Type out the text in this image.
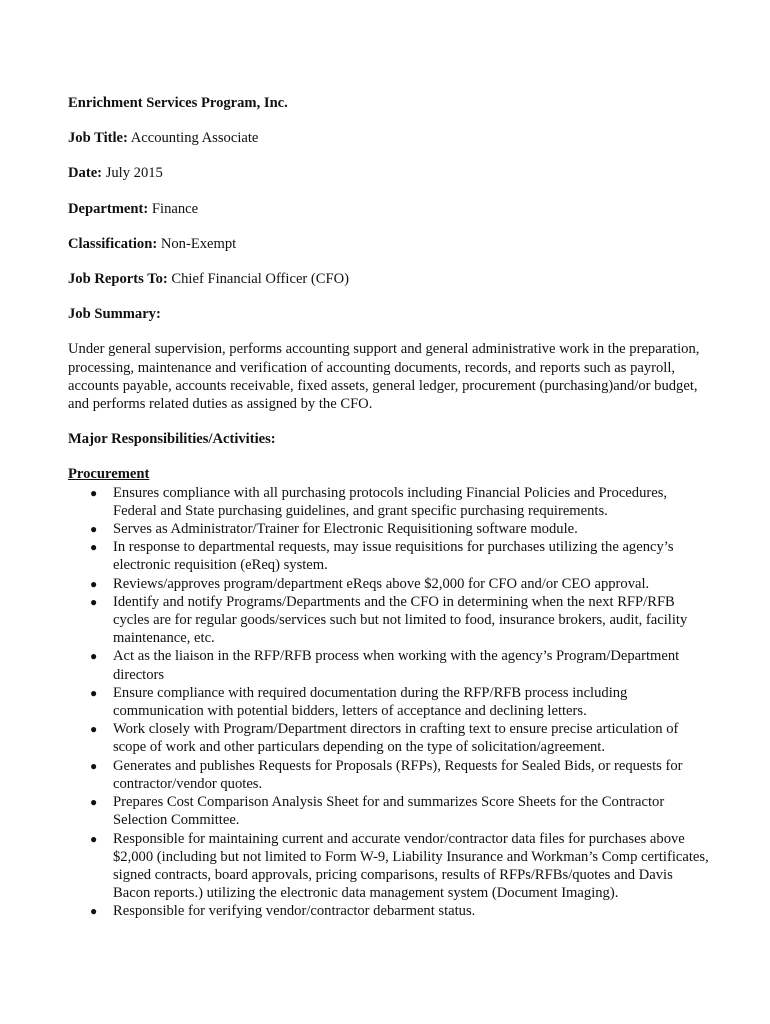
Enrichment Services Program, Inc.

Job Title: Accounting Associate

Date: July 2015

Department: Finance

Classification: Non-Exempt

Job Reports To: Chief Financial Officer (CFO)

Job Summary:

Under general supervision, performs accounting support and general administrative work in the preparation, processing, maintenance and verification of accounting documents, records, and reports such as payroll, accounts payable, accounts receivable, fixed assets, general ledger, procurement (purchasing)and/or budget, and performs related duties as assigned by the CFO.

Major Responsibilities/Activities:

Procurement

● Ensures compliance with all purchasing protocols including Financial Policies and Procedures, Federal and State purchasing guidelines, and grant specific purchasing requirements.
● Serves as Administrator/Trainer for Electronic Requisitioning software module.
● In response to departmental requests, may issue requisitions for purchases utilizing the agency’s electronic requisition (eReq) system.
● Reviews/approves program/department eReqs above $2,000 for CFO and/or CEO approval.
● Identify and notify Programs/Departments and the CFO in determining when the next RFP/RFB cycles are for regular goods/services such but not limited to food, insurance brokers, audit, facility maintenance, etc.
● Act as the liaison in the RFP/RFB process when working with the agency’s Program/Department directors
● Ensure compliance with required documentation during the RFP/RFB process including communication with potential bidders, letters of acceptance and declining letters.
● Work closely with Program/Department directors in crafting text to ensure precise articulation of scope of work and other particulars depending on the type of solicitation/agreement.
● Generates and publishes Requests for Proposals (RFPs), Requests for Sealed Bids, or requests for contractor/vendor quotes.
● Prepares Cost Comparison Analysis Sheet for and summarizes Score Sheets for the Contractor Selection Committee.
● Responsible for maintaining current and accurate vendor/contractor data files for purchases above $2,000 (including but not limited to Form W-9, Liability Insurance and Workman’s Comp certificates, signed contracts, board approvals, pricing comparisons, results of RFPs/RFBs/quotes and Davis Bacon reports.) utilizing the electronic data management system (Document Imaging).
● Responsible for verifying vendor/contractor debarment status.
